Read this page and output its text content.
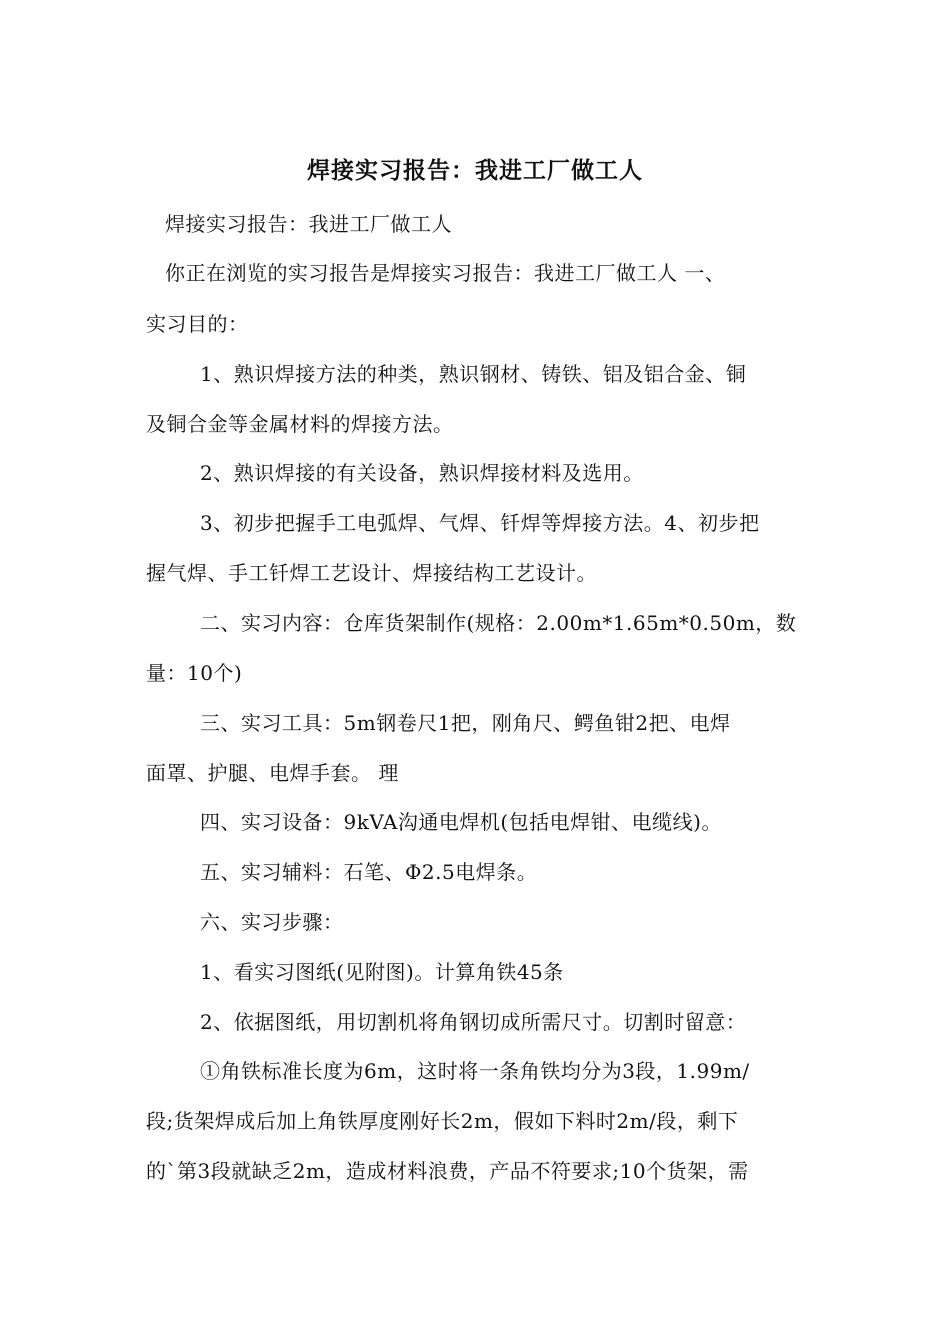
焊接实习报告：我进工厂做工人
焊接实习报告：我进工厂做工人
你正在浏览的实习报告是焊接实习报告：我进工厂做工人 一、
实习目的：
1、熟识焊接方法的种类，熟识钢材、铸铁、铝及铝合金、铜
及铜合金等金属材料的焊接方法。
2、熟识焊接的有关设备，熟识焊接材料及选用。
3、初步把握手工电弧焊、气焊、钎焊等焊接方法。4、初步把
握气焊、手工钎焊工艺设计、焊接结构工艺设计。
二、实习内容：仓库货架制作(规格：2.00m*1.65m*0.50m，数
量：10个)
三、实习工具：5m钢卷尺1把，刚角尺、鳄鱼钳2把、电焊
面罩、护腿、电焊手套。 理
四、实习设备：9kVA沟通电焊机(包括电焊钳、电缆线)。
五、实习辅料：石笔、Φ2.5电焊条。
六、实习步骤：
1、看实习图纸(见附图)。计算角铁45条
2、依据图纸，用切割机将角钢切成所需尺寸。切割时留意：
①角铁标准长度为6m，这时将一条角铁均分为3段，1.99m/
段;货架焊成后加上角铁厚度刚好长2m，假如下料时2m/段，剩下
的`第3段就缺乏2m，造成材料浪费，产品不符要求;10个货架，需
